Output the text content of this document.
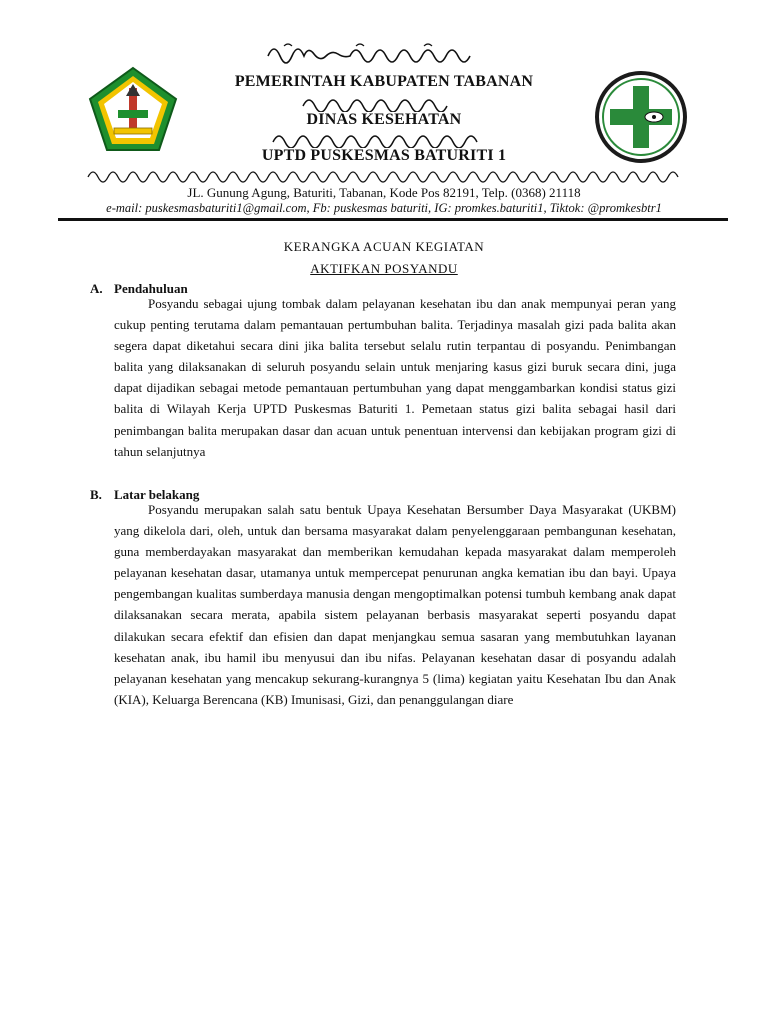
PEMERINTAH KABUPATEN TABANAN
DINAS KESEHATAN
UPTD PUSKESMAS BATURITI 1
JL. Gunung Agung, Baturiti, Tabanan, Kode Pos 82191, Telp. (0368) 21118
e-mail: puskesmasbaturiti1@gmail.com, Fb: puskesmas baturiti, IG: promkes.baturiti1, Tiktok: @promkesbtr1
KERANGKA ACUAN KEGIATAN
AKTIFKAN POSYANDU
A. Pendahuluan
Posyandu sebagai ujung tombak dalam pelayanan kesehatan ibu dan anak mempunyai peran yang cukup penting terutama dalam pemantauan pertumbuhan balita. Terjadinya masalah gizi pada balita akan segera dapat diketahui secara dini jika balita tersebut selalu rutin terpantau di posyandu. Penimbangan balita yang dilaksanakan di seluruh posyandu selain untuk menjaring kasus gizi buruk secara dini, juga dapat dijadikan sebagai metode pemantauan pertumbuhan yang dapat menggambarkan kondisi status gizi balita di Wilayah Kerja UPTD Puskesmas Baturiti 1. Pemetaan status gizi balita sebagai hasil dari penimbangan balita merupakan dasar dan acuan untuk penentuan intervensi dan kebijakan program gizi di tahun selanjutnya
B. Latar belakang
Posyandu merupakan salah satu bentuk Upaya Kesehatan Bersumber Daya Masyarakat (UKBM) yang dikelola dari, oleh, untuk dan bersama masyarakat dalam penyelenggaraan pembangunan kesehatan, guna memberdayakan masyarakat dan memberikan kemudahan kepada masyarakat dalam memperoleh pelayanan kesehatan dasar, utamanya untuk mempercepat penurunan angka kematian ibu dan bayi. Upaya pengembangan kualitas sumberdaya manusia dengan mengoptimalkan potensi tumbuh kembang anak dapat dilaksanakan secara merata, apabila sistem pelayanan berbasis masyarakat seperti posyandu dapat dilakukan secara efektif dan efisien dan dapat menjangkau semua sasaran yang membutuhkan layanan kesehatan anak, ibu hamil ibu menyusui dan ibu nifas. Pelayanan kesehatan dasar di posyandu adalah pelayanan kesehatan yang mencakup sekurang-kurangnya 5 (lima) kegiatan yaitu Kesehatan Ibu dan Anak (KIA), Keluarga Berencana (KB) Imunisasi, Gizi, dan penanggulangan diare
